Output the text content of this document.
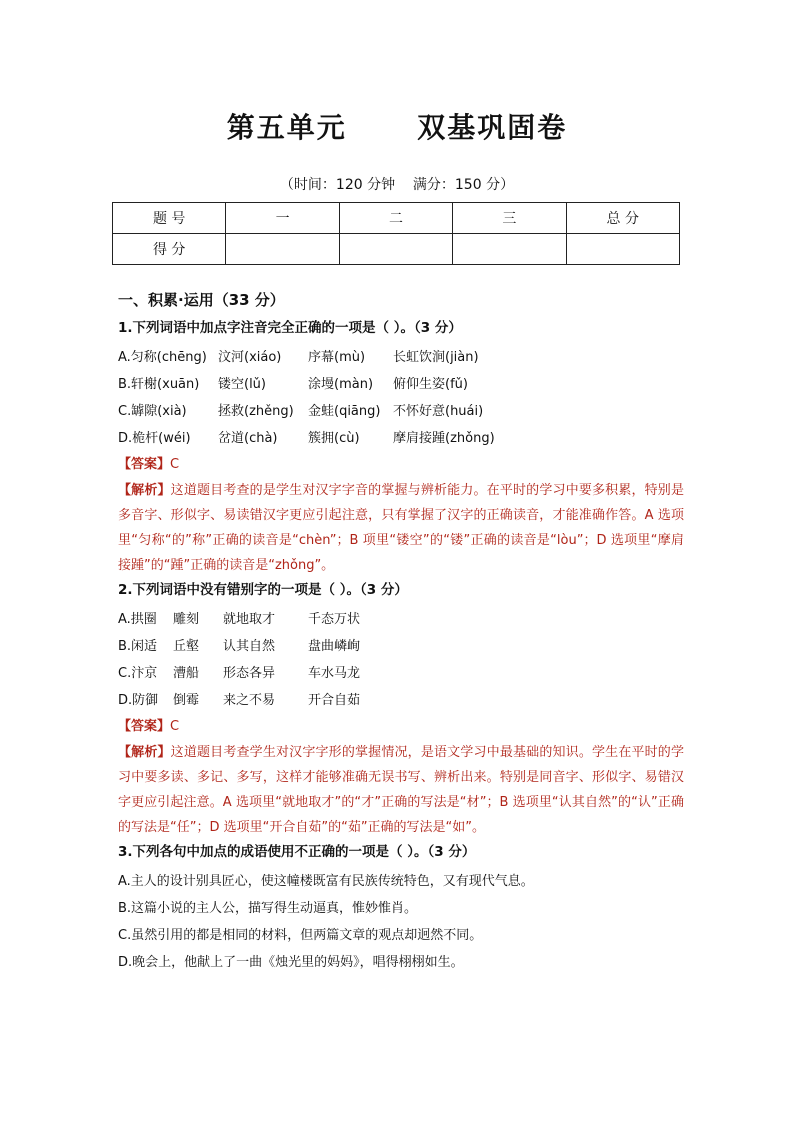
第五单元      双基巩固卷
（时间：120 分钟    满分：150 分）
题 号	一	二	三	总 分
得 分				
一、积累·运用（33 分）
1.下列词语中加点字注音完全正确的一项是（ ）。（3 分）
A.匀称(chēng) 汶河(xiáo) 序幕(mù) 长虹饮涧(jiàn)
B.轩榭(xuān) 镂空(lǔ)	涂墁(màn) 俯仰生姿(fǔ)
C.罅隙(xià) 拯救(zhěng) 金蛙(qiāng) 不怀好意(huái)
D.桅杆(wéi) 岔道(chà) 簇拥(cù)	摩肩接踵(zhǒng)
【答案】C
【解析】这道题目考查的是学生对汉字字音的掌握与辨析能力。在平时的学习中要多积累，特别是多音字、形似字、易读错汉字更应引起注意，只有掌握了汉字的正确读音，才能准确作答。A 选项里“匀称“的”称”正确的读音是“chèn”；B 项里“镂空”的“镂”正确的读音是“lòu”；D 选项里“摩肩接踵”的“踵”正确的读音是“zhǒng”。
2.下列词语中没有错别字的一项是（ ）。（3 分）
A.拱圈 雕刻 就地取才	千态万状
B.闲适 丘壑 认其自然	盘曲嶙峋
C.汴京 漕船 形态各异	车水马龙
D.防御 倒霉 来之不易	开合自茹
【答案】C
【解析】这道题目考查学生对汉字字形的掌握情况，是语文学习中最基础的知识。学生在平时的学习中要多读、多记、多写，这样才能够准确无误书写、辨析出来。特别是同音字、形似字、易错汉字更应引起注意。A 选项里“就地取才”的“才”正确的写法是“材”；B 选项里“认其自然”的“认”正确的写法是“任”；D 选项里“开合自茹”的“茹”正确的写法是“如”。
3.下列各句中加点的成语使用不正确的一项是（ ）。（3 分）
A.主人的设计别具匠心，使这幢楼既富有民族传统特色，又有现代气息。
B.这篇小说的主人公，描写得生动逼真，惟妙惟肖。
C.虽然引用的都是相同的材料，但两篇文章的观点却迥然不同。
D.晚会上，他献上了一曲《烛光里的妈妈》，唱得栩栩如生。
